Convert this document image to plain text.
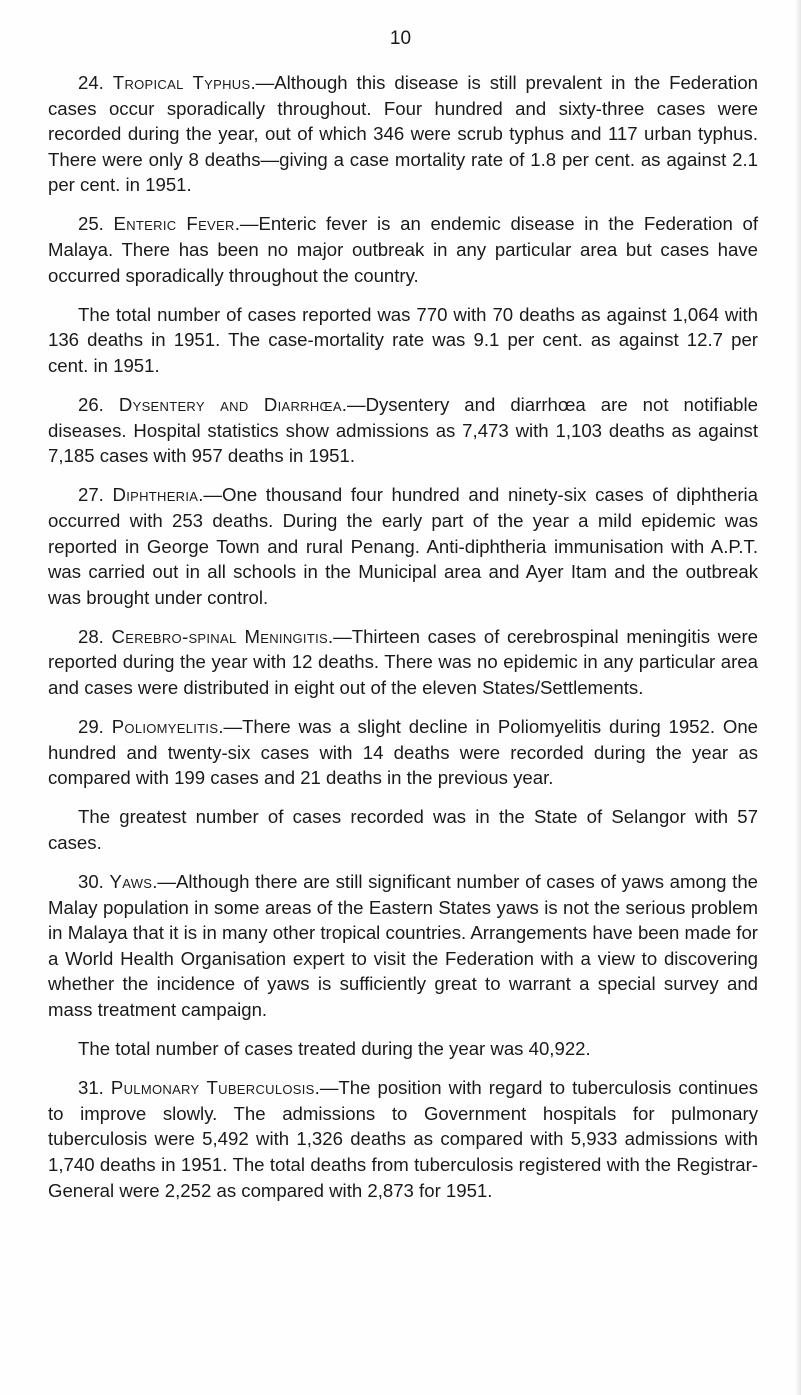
10

24. Tropical Typhus.—Although this disease is still prevalent in the Federation cases occur sporadically throughout. Four hundred and sixty-three cases were recorded during the year, out of which 346 were scrub typhus and 117 urban typhus. There were only 8 deaths—giving a case mortality rate of 1.8 per cent. as against 2.1 per cent. in 1951.

25. Enteric Fever.—Enteric fever is an endemic disease in the Federation of Malaya. There has been no major outbreak in any particular area but cases have occurred sporadically throughout the country.

The total number of cases reported was 770 with 70 deaths as against 1,064 with 136 deaths in 1951. The case-mortality rate was 9.1 per cent. as against 12.7 per cent. in 1951.

26. Dysentery and Diarrhœa.—Dysentery and diarrhœa are not notifiable diseases. Hospital statistics show admissions as 7,473 with 1,103 deaths as against 7,185 cases with 957 deaths in 1951.

27. Diphtheria.—One thousand four hundred and ninety-six cases of diphtheria occurred with 253 deaths. During the early part of the year a mild epidemic was reported in George Town and rural Penang. Anti-diphtheria immunisation with A.P.T. was carried out in all schools in the Municipal area and Ayer Itam and the outbreak was brought under control.

28. Cerebro-spinal Meningitis.—Thirteen cases of cerebrospinal meningitis were reported during the year with 12 deaths. There was no epidemic in any particular area and cases were distributed in eight out of the eleven States/Settlements.

29. Poliomyelitis.—There was a slight decline in Poliomyelitis during 1952. One hundred and twenty-six cases with 14 deaths were recorded during the year as compared with 199 cases and 21 deaths in the previous year.

The greatest number of cases recorded was in the State of Selangor with 57 cases.

30. Yaws.—Although there are still significant number of cases of yaws among the Malay population in some areas of the Eastern States yaws is not the serious problem in Malaya that it is in many other tropical countries. Arrangements have been made for a World Health Organisation expert to visit the Federation with a view to discovering whether the incidence of yaws is sufficiently great to warrant a special survey and mass treatment campaign.

The total number of cases treated during the year was 40,922.

31. Pulmonary Tuberculosis.—The position with regard to tuberculosis continues to improve slowly. The admissions to Government hospitals for pulmonary tuberculosis were 5,492 with 1,326 deaths as compared with 5,933 admissions with 1,740 deaths in 1951. The total deaths from tuberculosis registered with the Registrar-General were 2,252 as compared with 2,873 for 1951.
